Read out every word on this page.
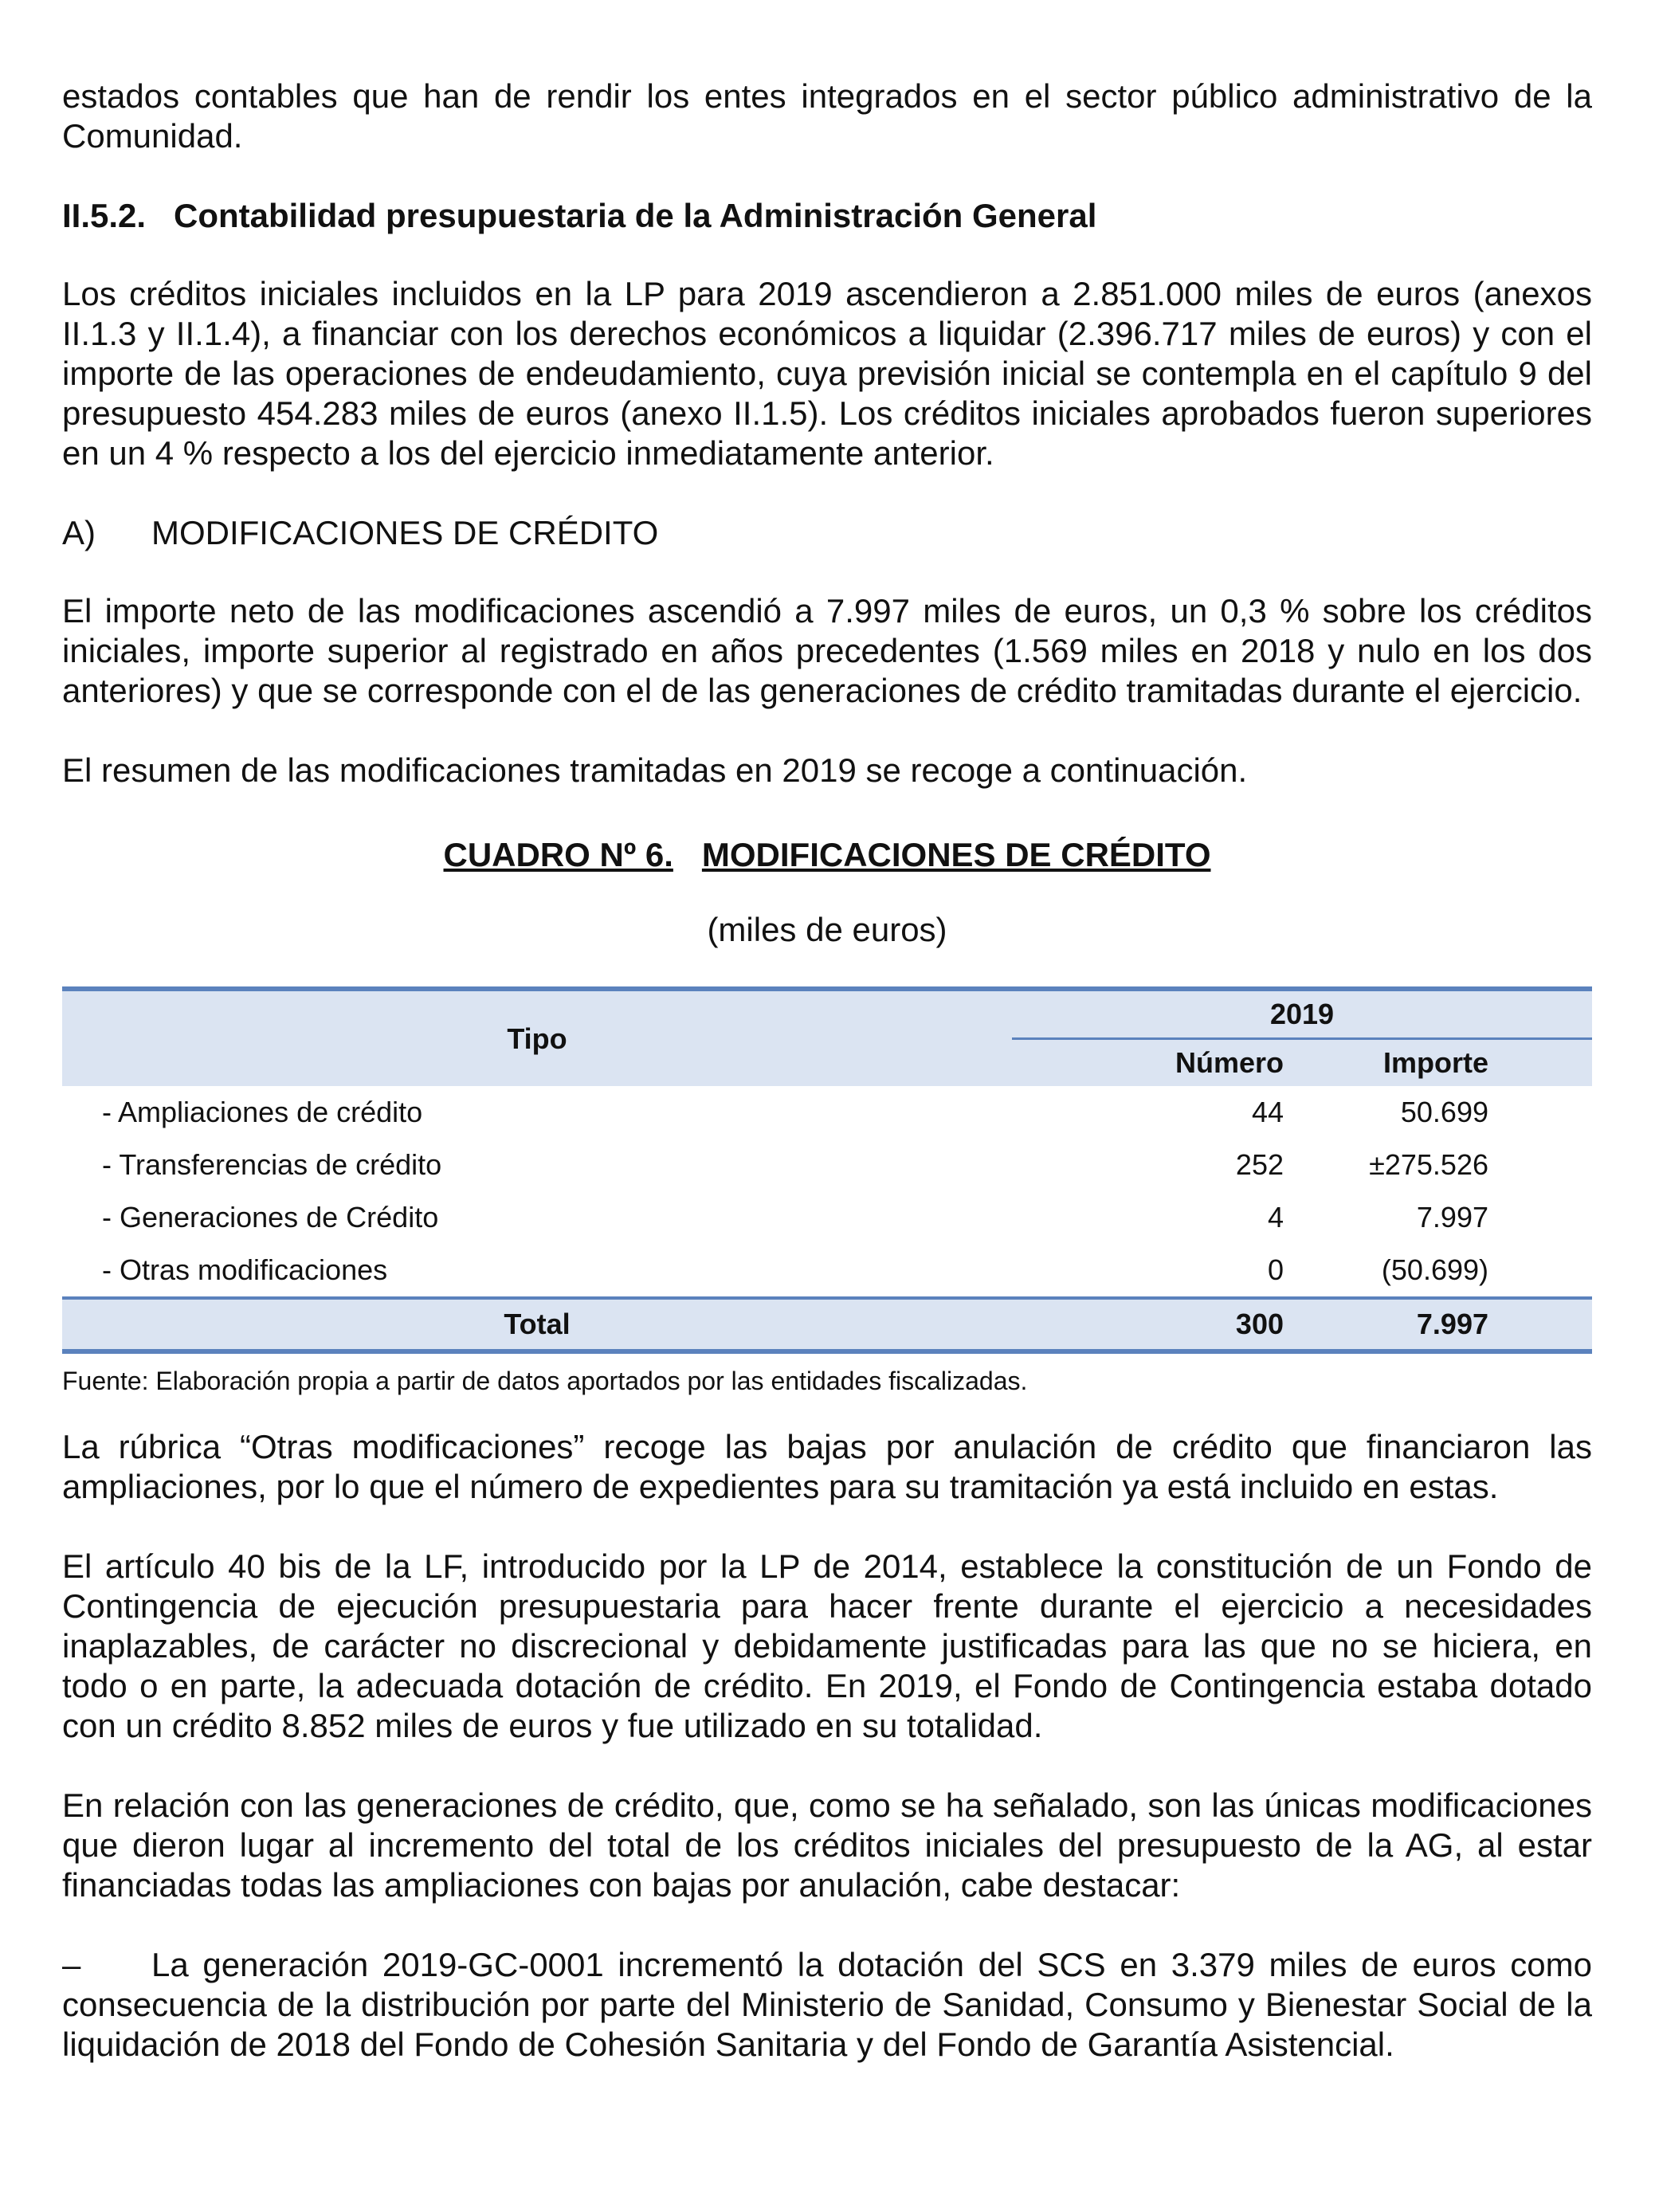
estados contables que han de rendir los entes integrados en el sector público administrativo de la Comunidad.

II.5.2. Contabilidad presupuestaria de la Administración General

Los créditos iniciales incluidos en la LP para 2019 ascendieron a 2.851.000 miles de euros (anexos II.1.3 y II.1.4), a financiar con los derechos económicos a liquidar (2.396.717 miles de euros) y con el importe de las operaciones de endeudamiento, cuya previsión inicial se contempla en el capítulo 9 del presupuesto 454.283 miles de euros (anexo II.1.5). Los créditos iniciales aprobados fueron superiores en un 4 % respecto a los del ejercicio inmediatamente anterior.

A) MODIFICACIONES DE CRÉDITO

El importe neto de las modificaciones ascendió a 7.997 miles de euros, un 0,3 % sobre los créditos iniciales, importe superior al registrado en años precedentes (1.569 miles en 2018 y nulo en los dos anteriores) y que se corresponde con el de las generaciones de crédito tramitadas durante el ejercicio.

El resumen de las modificaciones tramitadas en 2019 se recoge a continuación.

CUADRO Nº 6. MODIFICACIONES DE CRÉDITO
(miles de euros)
Tipo	2019	
	Número	Importe
- Ampliaciones de crédito	44	50.699
- Transferencias de crédito	252	±275.526
- Generaciones de Crédito	4	7.997
- Otras modificaciones	0	(50.699)
Total	300	7.997
Fuente: Elaboración propia a partir de datos aportados por las entidades fiscalizadas.

La rúbrica “Otras modificaciones” recoge las bajas por anulación de crédito que financiaron las ampliaciones, por lo que el número de expedientes para su tramitación ya está incluido en estas.

El artículo 40 bis de la LF, introducido por la LP de 2014, establece la constitución de un Fondo de Contingencia de ejecución presupuestaria para hacer frente durante el ejercicio a necesidades inaplazables, de carácter no discrecional y debidamente justificadas para las que no se hiciera, en todo o en parte, la adecuada dotación de crédito. En 2019, el Fondo de Contingencia estaba dotado con un crédito 8.852 miles de euros y fue utilizado en su totalidad.

En relación con las generaciones de crédito, que, como se ha señalado, son las únicas modificaciones que dieron lugar al incremento del total de los créditos iniciales del presupuesto de la AG, al estar financiadas todas las ampliaciones con bajas por anulación, cabe destacar:

– La generación 2019-GC-0001 incrementó la dotación del SCS en 3.379 miles de euros como consecuencia de la distribución por parte del Ministerio de Sanidad, Consumo y Bienestar Social de la liquidación de 2018 del Fondo de Cohesión Sanitaria y del Fondo de Garantía Asistencial.
